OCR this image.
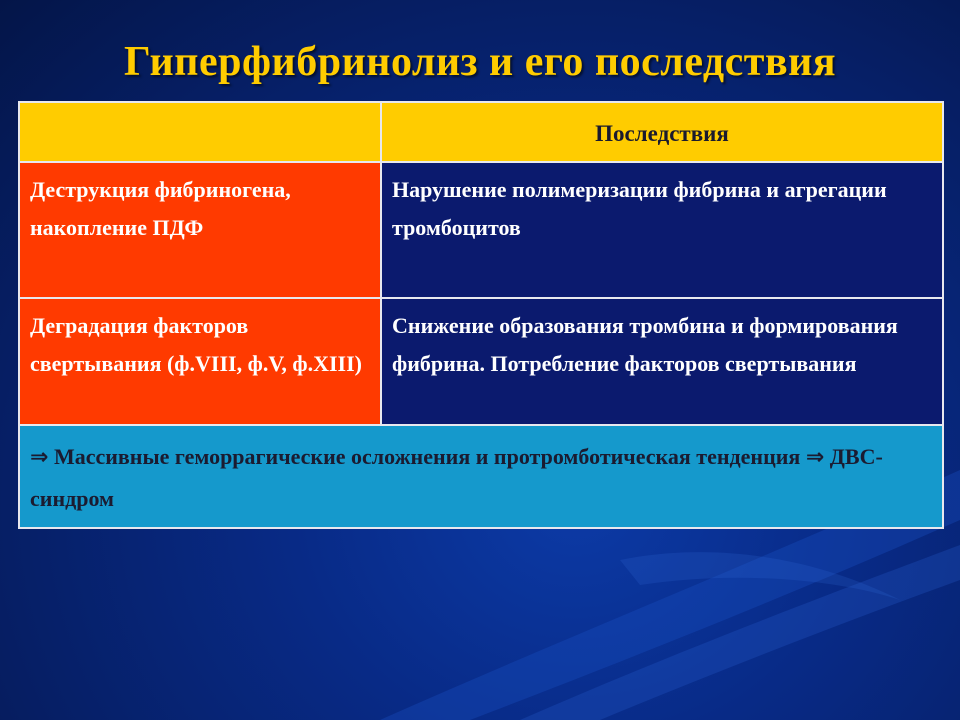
Гиперфибринолиз и его последствия
	Последствия
Деструкция фибриногена, накопление ПДФ	Нарушение полимеризации фибрина и агрегации тромбоцитов
Деградация факторов свертывания (ф.VIII, ф.V, ф.XIII)	Снижение образования тромбина и формирования фибрина. Потребление факторов свертывания
⇒ Массивные геморрагические осложнения и протромботическая тенденция ⇒ ДВС-синдром	
